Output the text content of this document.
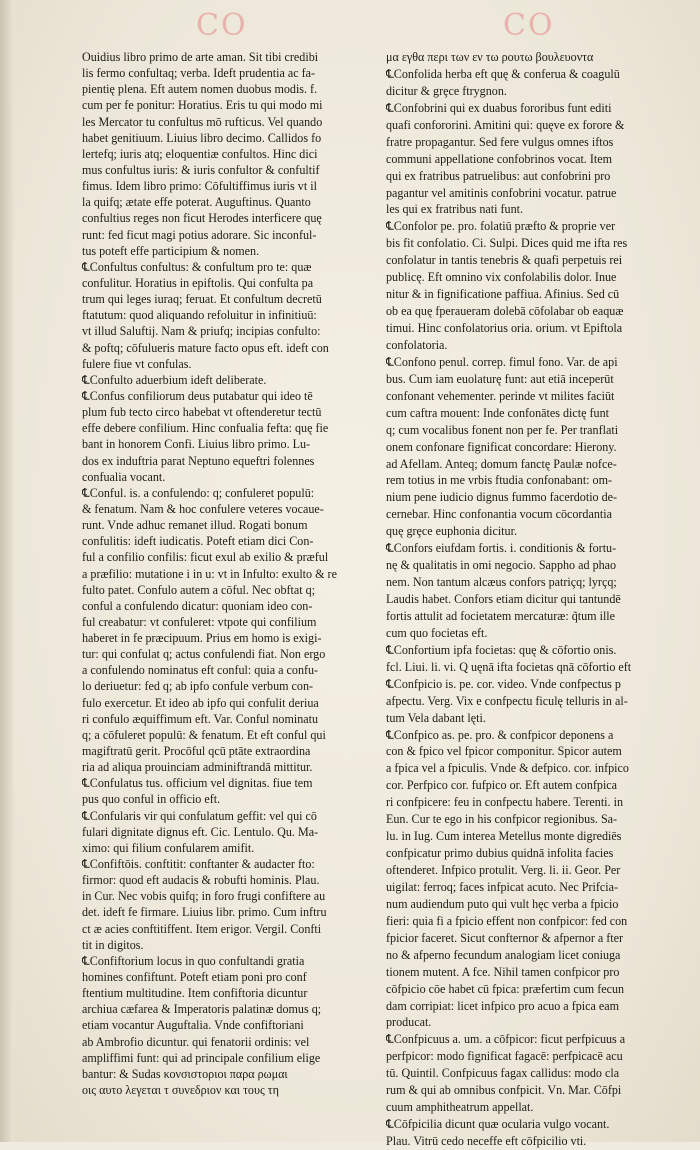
CO	CO
Ouidius libro primo de arte aman. Sit tibi credibi
lis fermo confultaq; verba. Ideft prudentia ac fa-
pientię plena. Eft autem nomen duobus modis. f.
cum per fe ponitur: Horatius. Eris tu qui modo mi
les Mercator tu confultus mō rufticus. Vel quando
habet genitiuum. Liuius libro decimo. Callidos fo
lertefq; iuris atq; eloquentiæ confultos. Hinc dici
mus confultus iuris: & iuris confultor & confultif
fimus. Idem libro primo: Cōfultiffimus iuris vt il
la quifq; ætate effe poterat. Auguftinus. Quanto
confultius reges non ficut Herodes interficere quę
runt: fed ficut magi potius adorare. Sic inconful-
tus poteft effe participium & nomen.
℄Confultus confultus: & confultum pro te: quæ
confulitur. Horatius in epiftolis. Qui confulta pa
trum qui leges iuraq; feruat. Et confultum decretū
ftatutum: quod aliquando refoluitur in infinitiuū:
vt illud Saluftij. Nam & priufq; incipias confulto:
& poftq; cōfulueris mature facto opus eft. ideft con
fulere fiue vt confulas.
℄Confulto aduerbium ideft deliberate.
℄Confus confiliorum deus putabatur qui ideo tē
plum fub tecto circo habebat vt oftenderetur tectū
effe debere confilium. Hinc confualia fefta: quę fie
bant in honorem Confi. Liuius libro primo. Lu-
dos ex induftria parat Neptuno equeftri folennes
confualia vocant.
℄Conful. is. a confulendo: q; confuleret populū:
& fenatum. Nam & hoc confulere veteres vocaue-
runt. Vnde adhuc remanet illud. Rogati bonum
confulitis: ideft iudicatis. Poteft etiam dici Con-
ful a confilio confilis: ficut exul ab exilio & præful
a præfilio: mutatione i in u: vt in Infulto: exulto & re
fulto patet. Confulo autem a cōful. Nec obftat q;
conful a confulendo dicatur: quoniam ideo con-
ful creabatur: vt confuleret: vtpote qui confilium
haberet in fe præcipuum. Prius em homo is exigi-
tur: qui confulat q; actus confulendi fiat. Non ergo
a confulendo nominatus eft conful: quia a confu-
lo deriuetur: fed q; ab ipfo confule verbum con-
fulo exercetur. Et ideo ab ipfo qui confulit deriua
ri confulo æquiffimum eft. Var. Conful nominatu
q; a cōfuleret populū: & fenatum. Et eft conful qui
magiftratū gerit. Procōful qcū ptāte extraordina
ria ad aliqua prouinciam adminiftrandā mittitur.
℄Confulatus tus. officium vel dignitas. fiue tem
pus quo conful in officio eft.
℄Confularis vir qui confulatum geffit: vel qui cō
fulari dignitate dignus eft. Cic. Lentulo. Qu. Ma-
ximo: qui filium confularem amifit.
℄Confiftōis. conftitit: conftanter & audacter fto:
firmor: quod eft audacis & robufti hominis. Plau.
in Cur. Nec vobis quifq; in foro frugi confiftere au
det. ideft fe firmare. Liuius libr. primo. Cum inftru
ct æ acies conftitiffent. Item erigor. Vergil. Confti
tit in digitos.
℄Confiftorium locus in quo confultandi gratia
homines confiftunt. Poteft etiam poni pro conf
ftentium multitudine. Item confiftoria dicuntur
archiua cæfarea & Imperatoris palatinæ domus q;
etiam vocantur Auguftalia. Vnde confiftoriani
ab Ambrofio dicuntur. qui fenatorii ordinis: vel
ampliffimi funt: qui ad principale confilium elige
bantur: & Sudas κονσιστοριοι παρα ρωμαι
οις αυτο λεγεται τ συνεδριον και τους τη
μα εγθα περι των εν τω ρουτω βουλευοντα
℄Confolida herba eft quę & conferua & coagulū
dicitur & grȩce ftrygnon.
℄Confobrini qui ex duabus fororibus funt editi
quafi confororini. Amitini qui: quęve ex forore &
fratre propagantur. Sed fere vulgus omnes iftos
communi appellatione confobrinos vocat. Item
qui ex fratribus patruelibus: aut confobrini pro
pagantur vel amitinis confobrini vocatur. patrue
les qui ex fratribus nati funt.
℄Confolor pe. pro. folatiū præfto & proprie ver
bis fit confolatio. Ci. Sulpi. Dices quid me ifta res
confolatur in tantis tenebris & quafi perpetuis rei
publicę. Eft omnino vix confolabilis dolor. Inue
nitur & in fignificatione paffiua. Afinius. Sed cū
ob ea quę fperaueram dolebā cōfolabar ob eaquæ
timui. Hinc confolatorius oria. orium. vt Epiftola
confolatoria.
℄Confono penul. correp. fimul fono. Var. de api
bus. Cum iam euolaturę funt: aut etiā inceperūt
confonant vehementer. perinde vt milites faciūt
cum caftra mouent: Inde confonātes dictę funt
q; cum vocalibus fonent non per fe. Per tranflati
onem confonare fignificat concordare: Hierony.
ad Afellam. Anteq; domum fanctę Paulæ nofce-
rem totius in me vrbis ftudia confonabant: om-
nium pene iudicio dignus fummo facerdotio de-
cernebar. Hinc confonantia vocum cōcordantia
quę grȩce euphonia dicitur.
℄Confors eiufdam fortis. i. conditionis & fortu-
nę & qualitatis in omi negocio. Sappho ad phao
nem. Non tantum alcæus confors patriçq; lyrçq;
Laudis habet. Confors etiam dicitur qui tantundē
fortis attulit ad focietatem mercaturæ: q̃tum ille
cum quo focietas eft.
℄Confortium ipfa focietas: quę & cōfortio onis.
fcl. Liui. li. vi. Q uęnā ifta focietas qnā cōfortio eft
℄Confpicio is. pe. cor. video. Vnde confpectus p
afpectu. Verg. Vix e confpectu ficulę telluris in al-
tum Vela dabant lęti.
℄Confpico as. pe. pro. & confpicor deponens a
con & fpico vel fpicor componitur. Spicor autem
a fpica vel a fpiculis. Vnde & defpico. cor. infpico
cor. Perfpico cor. fufpico or. Eft autem confpica
ri confpicere: feu in confpectu habere. Terenti. in
Eun. Cur te ego in his confpicor regionibus. Sa-
lu. in Iug. Cum interea Metellus monte digrediēs
confpicatur primo dubius quidnā infolita facies
oftenderet. Infpico protulit. Verg. li. ii. Geor. Per
uigilat: ferroq; faces infpicat acuto. Nec Prifcia-
num audiendum puto qui vult hęc verba a fpicio
fieri: quia fi a fpicio effent non confpicor: fed con
fpicior faceret. Sicut confternor & afpernor a fter
no & afperno fecundum analogiam licet coniuga
tionem mutent. A fce. Nihil tamen confpicor pro
cōfpicio cōe habet cū fpica: præfertim cum fecun
dam corripiat: licet infpico pro acuo a fpica eam
producat.
℄Confpicuus a. um. a cōfpicor: ficut perfpicuus a
perfpicor: modo fignificat fagacē: perfpicacē acu
tū. Quintil. Confpicuus fagax callidus: modo cla
rum & qui ab omnibus confpicit. Vn. Mar. Cōfpi
cuum amphitheatrum appellat.
℄Cōfpicilia dicunt quæ ocularia vulgo vocant.
Plau. Vitrū cedo neceffe eft cōfpicilio vti.
